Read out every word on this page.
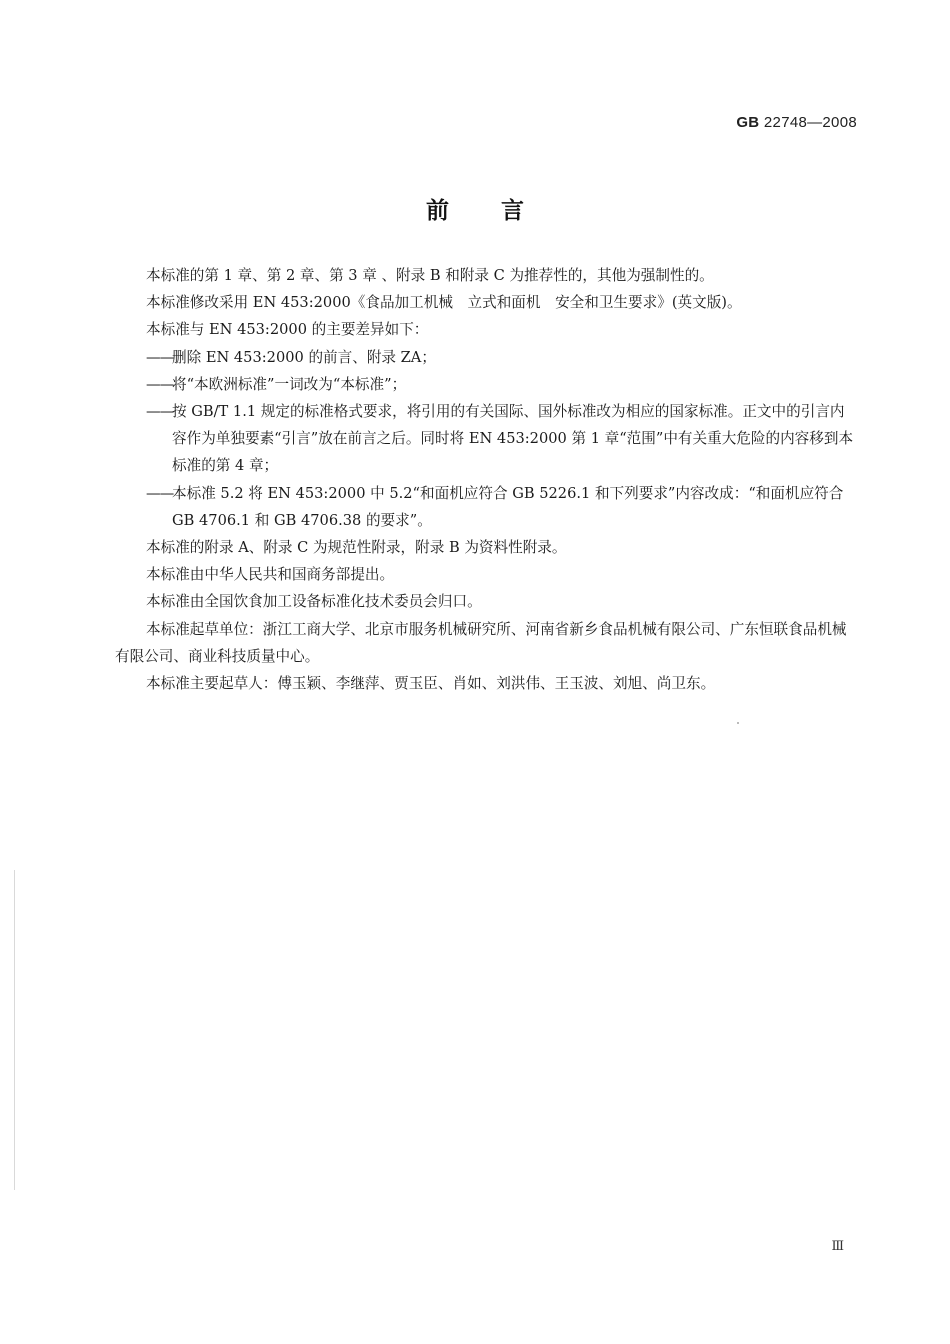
GB 22748—2008
前言

本标准的第 1 章、第 2 章、第 3 章 、附录 B 和附录 C 为推荐性的，其他为强制性的。

本标准修改采用 EN 453:2000《食品加工机械　立式和面机　安全和卫生要求》(英文版)。

本标准与 EN 453:2000 的主要差异如下：

——
删除 EN 453:2000 的前言、附录 ZA；
——
将“本欧洲标准”一词改为“本标准”；
——
按 GB/T 1.1 规定的标准格式要求，将引用的有关国际、国外标准改为相应的国家标准。正文中的引言内容作为单独要素“引言”放在前言之后。同时将 EN 453:2000 第 1 章“范围”中有关重大危险的内容移到本标准的第 4 章；
——
本标准 5.2 将 EN 453:2000 中 5.2“和面机应符合 GB 5226.1 和下列要求”内容改成：“和面机应符合 GB 4706.1 和 GB 4706.38 的要求”。

本标准的附录 A、附录 C 为规范性附录，附录 B 为资料性附录。

本标准由中华人民共和国商务部提出。

本标准由全国饮食加工设备标准化技术委员会归口。

本标准起草单位：浙江工商大学、北京市服务机械研究所、河南省新乡食品机械有限公司、广东恒联食品机械有限公司、商业科技质量中心。

本标准主要起草人：傅玉颖、李继萍、贾玉臣、肖如、刘洪伟、王玉波、刘旭、尚卫东。

Ⅲ
